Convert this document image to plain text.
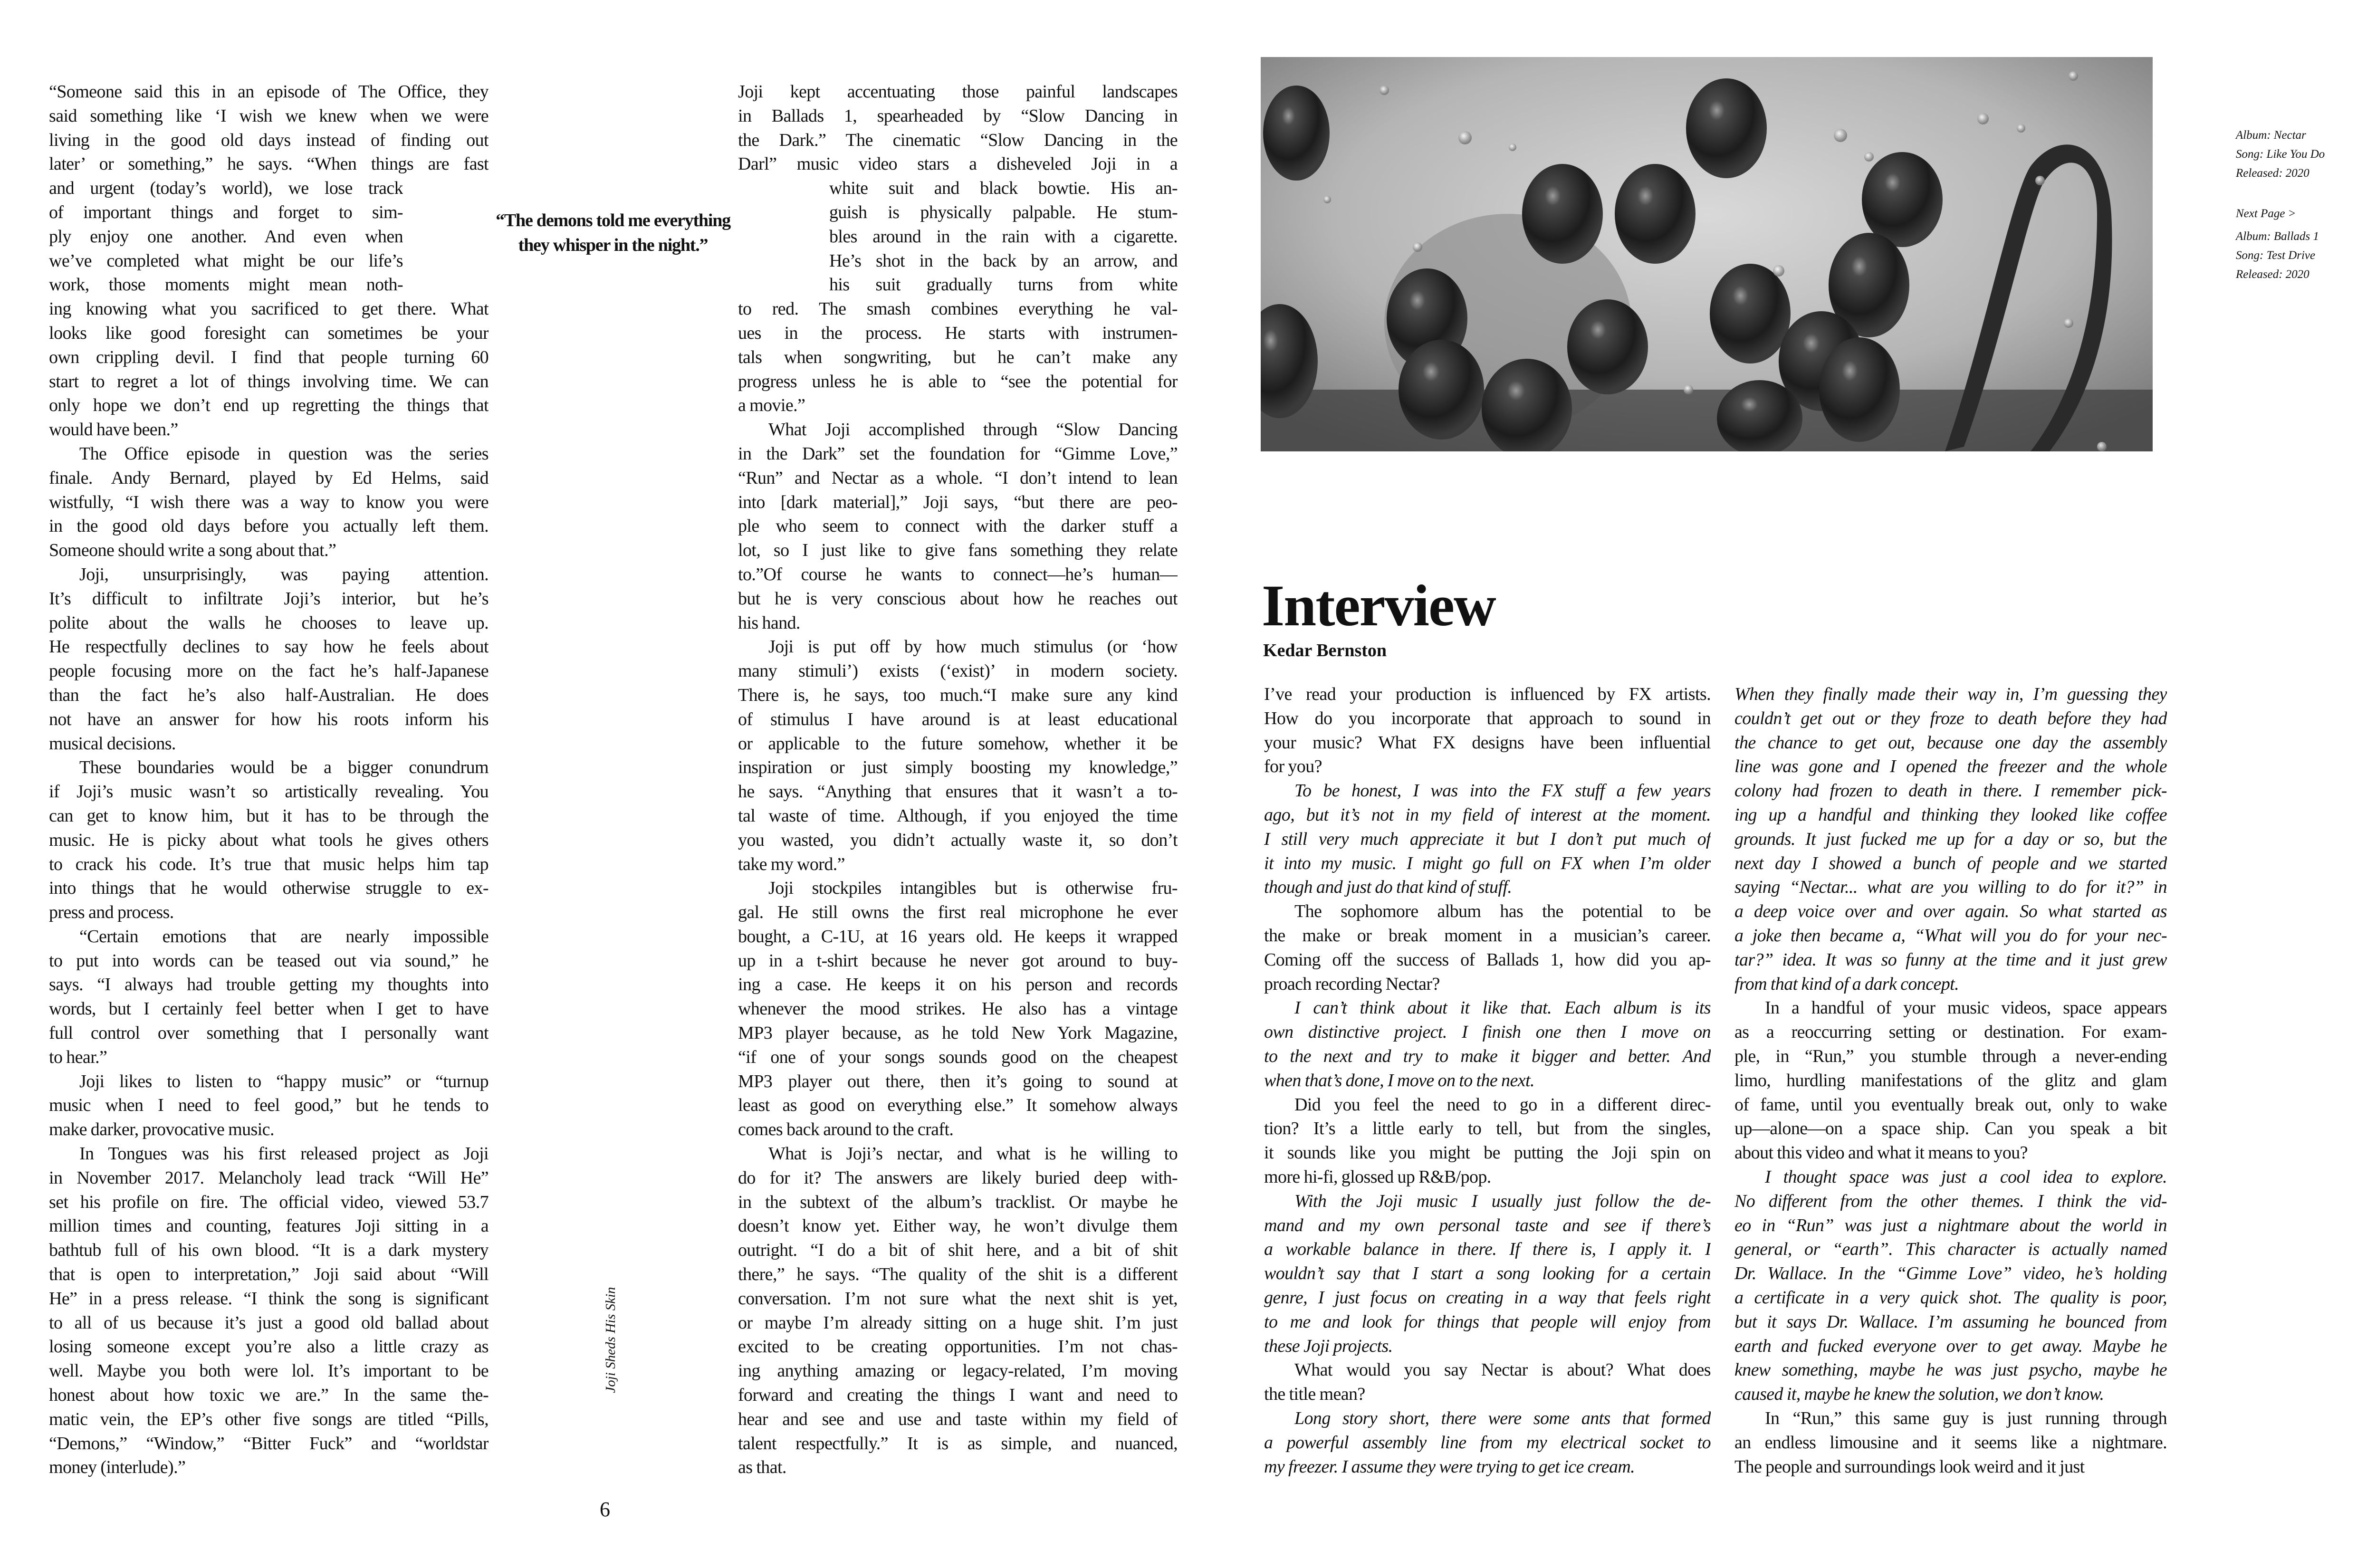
“Someone said this in an episode of The Office, they
said something like ‘I wish we knew when we were
living in the good old days instead of finding out
later’ or something,” he says. “When things are fast
and urgent (today’s world), we lose track
of important things and forget to sim-
ply enjoy one another. And even when
we’ve completed what might be our life’s
work, those moments might mean noth-
ing knowing what you sacrificed to get there. What
looks like good foresight can sometimes be your
own crippling devil. I find that people turning 60
start to regret a lot of things involving time. We can
only hope we don’t end up regretting the things that
would have been.”
The Office episode in question was the series
finale. Andy Bernard, played by Ed Helms, said
wistfully, “I wish there was a way to know you were
in the good old days before you actually left them.
Someone should write a song about that.”
Joji, unsurprisingly, was paying attention.
It’s difficult to infiltrate Joji’s interior, but he’s
polite about the walls he chooses to leave up.
He respectfully declines to say how he feels about
people focusing more on the fact he’s half-Japanese
than the fact he’s also half-Australian. He does
not have an answer for how his roots inform his
musical decisions.
These boundaries would be a bigger conundrum
if Joji’s music wasn’t so artistically revealing. You
can get to know him, but it has to be through the
music. He is picky about what tools he gives others
to crack his code. It’s true that music helps him tap
into things that he would otherwise struggle to ex-
press and process.
“Certain emotions that are nearly impossible
to put into words can be teased out via sound,” he
says. “I always had trouble getting my thoughts into
words, but I certainly feel better when I get to have
full control over something that I personally want
to hear.”
Joji likes to listen to “happy music” or “turnup
music when I need to feel good,” but he tends to
make darker, provocative music.
In Tongues was his first released project as Joji
in November 2017. Melancholy lead track “Will He”
set his profile on fire. The official video, viewed 53.7
million times and counting, features Joji sitting in a
bathtub full of his own blood. “It is a dark mystery
that is open to interpretation,” Joji said about “Will
He” in a press release. “I think the song is significant
to all of us because it’s just a good old ballad about
losing someone except you’re also a little crazy as
well. Maybe you both were lol. It’s important to be
honest about how toxic we are.” In the same the-
matic vein, the EP’s other five songs are titled “Pills,
“Demons,” “Window,” “Bitter Fuck” and “worldstar
money (interlude).”
“The demons told me everything
they whisper in the night.”
Joji kept accentuating those painful landscapes
in Ballads 1, spearheaded by “Slow Dancing in
the Dark.” The cinematic “Slow Dancing in the
Darl” music video stars a disheveled Joji in a
white suit and black bowtie. His an-
guish is physically palpable. He stum-
bles around in the rain with a cigarette.
He’s shot in the back by an arrow, and
his suit gradually turns from white
to red. The smash combines everything he val-
ues in the process. He starts with instrumen-
tals when songwriting, but he can’t make any
progress unless he is able to “see the potential for
a movie.”
What Joji accomplished through “Slow Dancing
in the Dark” set the foundation for “Gimme Love,”
“Run” and Nectar as a whole. “I don’t intend to lean
into [dark material],” Joji says, “but there are peo-
ple who seem to connect with the darker stuff a
lot, so I just like to give fans something they relate
to.”Of course he wants to connect—he’s human—
but he is very conscious about how he reaches out
his hand.
Joji is put off by how much stimulus (or ‘how
many stimuli’) exists (‘exist)’ in modern society.
There is, he says, too much.“I make sure any kind
of stimulus I have around is at least educational
or applicable to the future somehow, whether it be
inspiration or just simply boosting my knowledge,”
he says. “Anything that ensures that it wasn’t a to-
tal waste of time. Although, if you enjoyed the time
you wasted, you didn’t actually waste it, so don’t
take my word.”
Joji stockpiles intangibles but is otherwise fru-
gal. He still owns the first real microphone he ever
bought, a C-1U, at 16 years old. He keeps it wrapped
up in a t-shirt because he never got around to buy-
ing a case. He keeps it on his person and records
whenever the mood strikes. He also has a vintage
MP3 player because, as he told New York Magazine,
“if one of your songs sounds good on the cheapest
MP3 player out there, then it’s going to sound at
least as good on everything else.” It somehow always
comes back around to the craft.
What is Joji’s nectar, and what is he willing to
do for it? The answers are likely buried deep with-
in the subtext of the album’s tracklist. Or maybe he
doesn’t know yet. Either way, he won’t divulge them
outright. “I do a bit of shit here, and a bit of shit
there,” he says. “The quality of the shit is a different
conversation. I’m not sure what the next shit is yet,
or maybe I’m already sitting on a huge shit. I’m just
excited to be creating opportunities. I’m not chas-
ing anything amazing or legacy-related, I’m moving
forward and creating the things I want and need to
hear and see and use and taste within my field of
talent respectfully.” It is as simple, and nuanced,
as that.
Joji Sheds His Skin
6
Interview
Kedar Bernston
I’ve read your production is influenced by FX artists.
How do you incorporate that approach to sound in
your music? What FX designs have been influential
for you?
To be honest, I was into the FX stuff a few years
ago, but it’s not in my field of interest at the moment.
I still very much appreciate it but I don’t put much of
it into my music. I might go full on FX when I’m older
though and just do that kind of stuff.
The sophomore album has the potential to be
the make or break moment in a musician’s career.
Coming off the success of Ballads 1, how did you ap-
proach recording Nectar?
I can’t think about it like that. Each album is its
own distinctive project. I finish one then I move on
to the next and try to make it bigger and better. And
when that’s done, I move on to the next.
Did you feel the need to go in a different direc-
tion? It’s a little early to tell, but from the singles,
it sounds like you might be putting the Joji spin on
more hi-fi, glossed up R&B/pop.
With the Joji music I usually just follow the de-
mand and my own personal taste and see if there’s
a workable balance in there. If there is, I apply it. I
wouldn’t say that I start a song looking for a certain
genre, I just focus on creating in a way that feels right
to me and look for things that people will enjoy from
these Joji projects.
What would you say Nectar is about? What does
the title mean?
Long story short, there were some ants that formed
a powerful assembly line from my electrical socket to
my freezer. I assume they were trying to get ice cream.
When they finally made their way in, I’m guessing they
couldn’t get out or they froze to death before they had
the chance to get out, because one day the assembly
line was gone and I opened the freezer and the whole
colony had frozen to death in there. I remember pick-
ing up a handful and thinking they looked like coffee
grounds. It just fucked me up for a day or so, but the
next day I showed a bunch of people and we started
saying “Nectar... what are you willing to do for it?” in
a deep voice over and over again. So what started as
a joke then became a, “What will you do for your nec-
tar?” idea. It was so funny at the time and it just grew
from that kind of a dark concept.
In a handful of your music videos, space appears
as a reoccurring setting or destination. For exam-
ple, in “Run,” you stumble through a never-ending
limo, hurdling manifestations of the glitz and glam
of fame, until you eventually break out, only to wake
up—alone—on a space ship. Can you speak a bit
about this video and what it means to you?
I thought space was just a cool idea to explore.
No different from the other themes. I think the vid-
eo in “Run” was just a nightmare about the world in
general, or “earth”. This character is actually named
Dr. Wallace. In the “Gimme Love” video, he’s holding
a certificate in a very quick shot. The quality is poor,
but it says Dr. Wallace. I’m assuming he bounced from
earth and fucked everyone over to get away. Maybe he
knew something, maybe he was just psycho, maybe he
caused it, maybe he knew the solution, we don’t know.
In “Run,” this same guy is just running through
an endless limousine and it seems like a nightmare.
The people and surroundings look weird and it just
Album: Nectar
Song: Like You Do
Released: 2020
Next Page >
Album: Ballads 1
Song: Test Drive
Released: 2020
